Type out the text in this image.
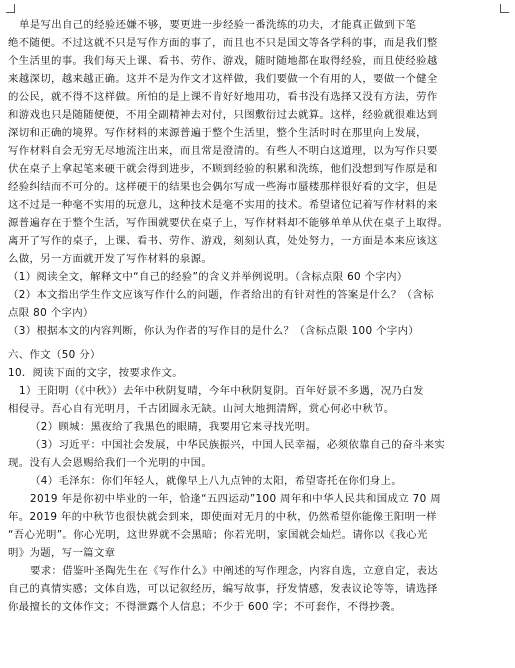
单是写出自己的经验还嫌不够，要更进一步经验一番洗练的功夫，才能真正做到下笔
绝不随便。不过这就不只是写作方面的事了，而且也不只是国文等各学科的事，而是我们整
个生活里的事。我们每天上课、看书、劳作、游戏，随时随地都在取得经验，而且使经验越
来越深切，越来越正确。这并不是为作文才这样做，我们要做一个有用的人，要做一个健全
的公民，就不得不这样做。所怕的是上课不肯好好地用功，看书没有选择又没有方法，劳作
和游戏也只是随随便便，不用全副精神去对付，只图敷衍过去就算。这样，经验就很难达到
深切和正确的境界。写作材料的来源普遍于整个生活里，整个生活时时在那里向上发展，
写作材料自会无穷无尽地流注出来，而且常是澄清的。有些人不明白这道理，以为写作只要
伏在桌子上拿起笔来硬干就会得到进步，不顾到经验的积累和洗练，他们没想到写作原是和
经验纠结而不可分的。这样硬干的结果也会偶尔写成一些海市蜃楼那样很好看的文字，但是
这不过是一种毫不实用的玩意儿，这种技术是毫不实用的技术。希望诸位记着写作材料的来
源普遍存在于整个生活，写作围就要伏在桌子上，写作材料却不能够单单从伏在桌子上取得。
离开了写作的桌子，上课、看书、劳作、游戏，刻刻认真，处处努力，一方面是本来应该这
么做，另一方面就开发了写作材料的泉源。
（1）阅读全文，解释文中“自己的经验”的含义并举例说明。（含标点限 60 个字内）
（2）本文指出学生作文应该写作什么的问题，作者给出的有针对性的答案是什么？（含标
点限 80 个字内）
（3）根据本文的内容判断，你认为作者的写作目的是什么？（含标点限 100 个字内）
六、作文（50 分）
10．阅读下面的文字，按要求作文。
1）王阳明（《中秋》）去年中秋阴复晴，今年中秋阴复阴。百年好景不多遇，况乃白发
相侵寻。吾心自有光明月，千古团圆永无缺。山河大地拥清辉，赏心何必中秋节。
（2）顾城：黑夜给了我黑色的眼睛，我要用它来寻找光明。
（3）习近平：中国社会发展，中华民族振兴，中国人民幸福，必须依靠自己的奋斗来实
现。没有人会恩赐给我们一个光明的中国。
（4）毛泽东：你们年轻人，就像早上八九点钟的太阳，希望寄托在你们身上。
2019 年是你初中毕业的一年，恰逢“五四运动”100 周年和中华人民共和国成立 70 周
年。2019 年的中秋节也很快就会到来，即使面对无月的中秋，仍然希望你能像王阳明一样
“吾心光明”。你心光明，这世界就不会黑暗；你若光明，家国就会灿烂。请你以《我心光
明》为题，写一篇文章
要求：借鉴叶圣陶先生在《写作什么》中阐述的写作理念，内容自选，立意自定，表达
自己的真情实感；文体自选，可以记叙经历，编写故事，抒发情感，发表议论等等，请选择
你最擅长的文体作文；不得泄露个人信息；不少于 600 字；不可套作，不得抄袭。
